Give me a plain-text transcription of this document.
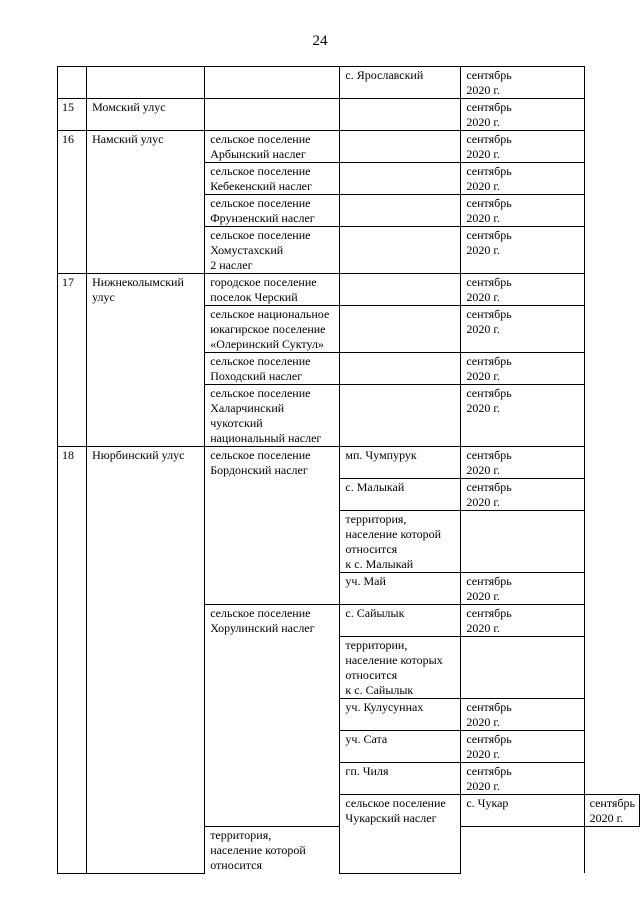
24
			с. Ярославский	сентябрь
2020 г.	
15	Момский улус			сентябрь
2020 г.	
16	Намский улус	сельское поселение
Арбынский наслег		сентябрь
2020 г.	
		сельское поселение
Кебекенский наслег		сентябрь
2020 г.	
		сельское поселение
Фрунзенский наслег		сентябрь
2020 г.	
		сельское поселение
Хомустахский
2 наслег		сентябрь
2020 г.	
17	Нижнеколымский
улус	городское поселение
поселок Черский		сентябрь
2020 г.	
		сельское национальное
юкагирское поселение
«Олеринский Суктул»		сентябрь
2020 г.	
		сельское поселение
Походский наслег		сентябрь
2020 г.	
		сельское поселение
Халарчинский
чукотский
национальный наслег		сентябрь
2020 г.	
18	Нюрбинский улус	сельское поселение
Бордонский наслег	мп. Чумпурук	сентябрь
2020 г.	
			с. Малыкай	сентябрь
2020 г.	
			территория,
население которой
относится
к с. Малыкай		
			уч. Май	сентябрь
2020 г.	
		сельское поселение
Хорулинский наслег	с. Сайылык	сентябрь
2020 г.	
			территории,
население которых
относится
к с. Сайылык		
			уч. Кулусуннах	сентябрь
2020 г.	
			уч. Сата	сентябрь
2020 г.	
			гп. Чиля	сентябрь
2020 г.	
			сельское поселение
Чукарский наслег	с. Чукар	сентябрь
2020 г.
		территория,
население которой
относится			
